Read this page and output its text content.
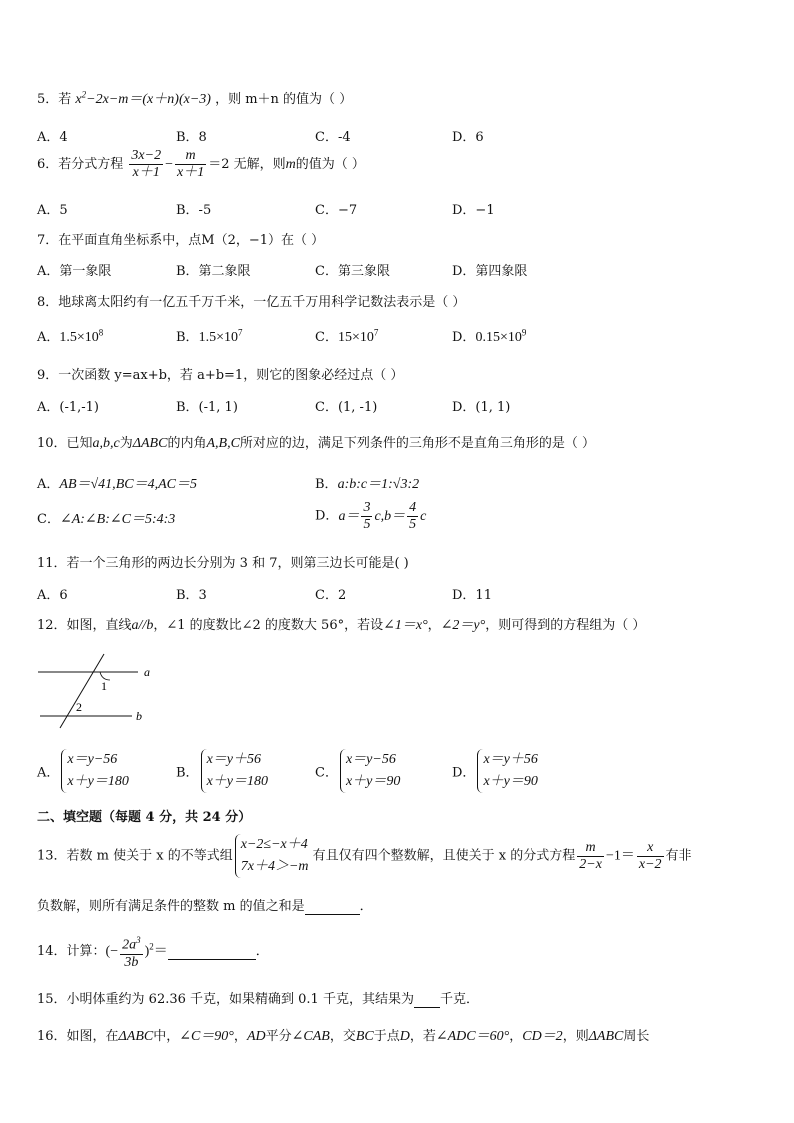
5．若 $x^2-2x-m=(x+n)(x-3)$ ，则 m＋n 的值为（ ）
A．4	B．8	C．-4	D．6
6．若分式方程 $\frac{3x-2}{x+1} - \frac{m}{x+1} =2$ 无解，则m的值为（ ）
A．5	B．-5	C．−7	D．−1
7．在平面直角坐标系中，点M（2，−1）在（ ）
A．第一象限	B．第二象限	C．第三象限	D．第四象限
8．地球离太阳约有一亿五千万千米，一亿五千万用科学记数法表示是（ ）
A．$1.5\times 10^8$	B．$1.5\times 10^7$	C．$15\times 10^7$	D．$0.15\times 10^9$
9．一次函数 y=ax+b，若 a+b=1，则它的图象必经过点（ ）
A．(-1,-1)	B．(-1, 1)	C．(1, -1)	D．(1, 1)
10．已知a,b,c为ΔABC的内角A,B,C所对应的边，满足下列条件的三角形不是直角三角形的是（ ）
A．AB＝√41,BC＝4,AC＝5	B．a:b:c＝1:√3:2
C．∠A:∠B:∠C＝5:4:3	D．$a= \frac{3}{5} c,b= \frac{4}{5}$ c
11．若一个三角形的两边长分别为 3 和 7，则第三边长可能是( )
A．6	B．3	C．2	D．11
12．如图，直线a//b，∠1 的度数比∠2 的度数大 56°，若设∠1＝x°，∠2＝y°，则可得到的方程组为（ ）
a
b
1
2
A．x＝y−56
x＋y＝180
B．x＝y＋56
x＋y＝180
C．x＝y−56
x＋y＝90
D．x＝y＋56
x＋y＝90
二、填空题（每题 4 分，共 24 分）
13．若数 m 使关于 x 的不等式组x−2≤−x＋4
7x＋4＞−m 有且仅有四个整数解，且使关于 x 的分式方程 $\frac{m}{2-x} -1= \frac{x}{x-2}$ 有非
负数解，则所有满足条件的整数 m 的值之和是	．
14．计算：(− $\frac{2a^3}{3b} )^2=$	．
15．小明体重约为 62.36 千克，如果精确到 0.1 千克，其结果为 千克．
16．如图，在ΔABC中，∠C＝90°，AD平分∠CAB，交BC于点D，若∠ADC＝60°，CD＝2，则ΔABC周长
